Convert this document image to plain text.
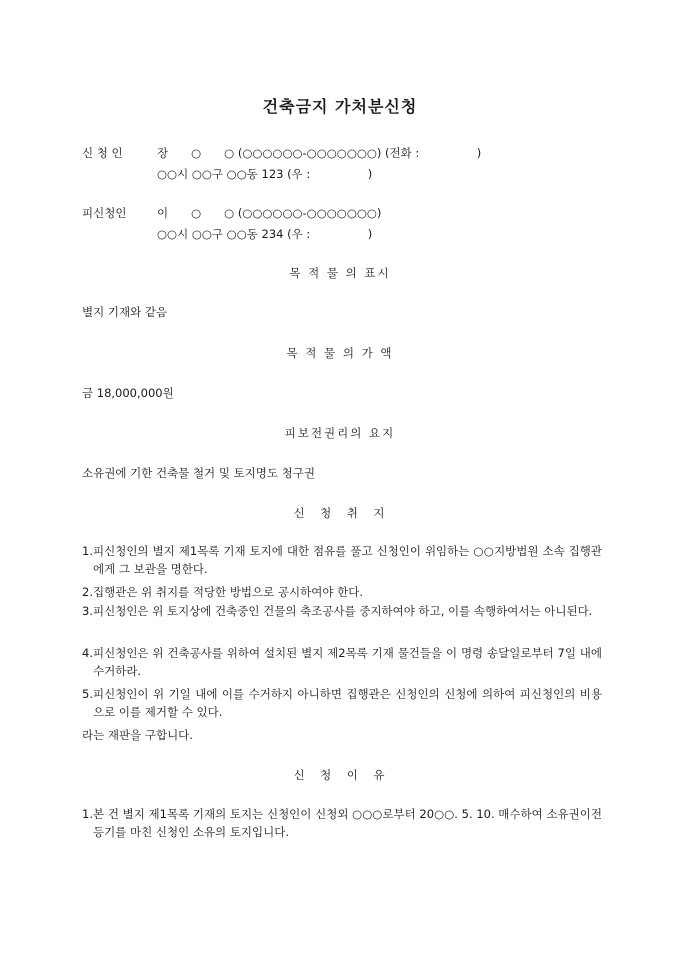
건축금지 가처분신청
신 청 인	장　　○　　○ (○○○○○○-○○○○○○○) (전화 :　　　　　)
○○시 ○○구 ○○동 123 (우 :　　　　　)
피신청인	이　　○　　○ (○○○○○○-○○○○○○○)
○○시 ○○구 ○○동 234 (우 :　　　　　)
목 적 물 의 표시
별지 기재와 같음
목 적 물 의 가 액
금 18,000,000원
피보전권리의 요지
소유권에 기한 건축물 철거 및 토지명도 청구권
신　청　취　지
1. 피신청인의 별지 제1목록 기재 토지에 대한 점유를 풀고 신청인이 위임하는 ○○지방법원 소속 집행관에게 그 보관을 명한다.
2. 집행관은 위 취지를 적당한 방법으로 공시하여야 한다.
3. 피신청인은 위 토지상에 건축중인 건물의 축조공사를 중지하여야 하고, 이를 속행하여서는 아니된다.
4. 피신청인은 위 건축공사를 위하여 설치된 별지 제2목록 기재 물건들을 이 명령 송달일로부터 7일 내에 수거하라.
5. 피신청인이 위 기일 내에 이를 수거하지 아니하면 집행관은 신청인의 신청에 의하여 피신청인의 비용으로 이를 제거할 수 있다.
라는 재판을 구합니다.
신　청　이　유
1. 본 건 별지 제1목록 기재의 토지는 신청인이 신청외 ○○○로부터 20○○. 5. 10. 매수하여 소유권이전등기를 마친 신청인 소유의 토지입니다.
